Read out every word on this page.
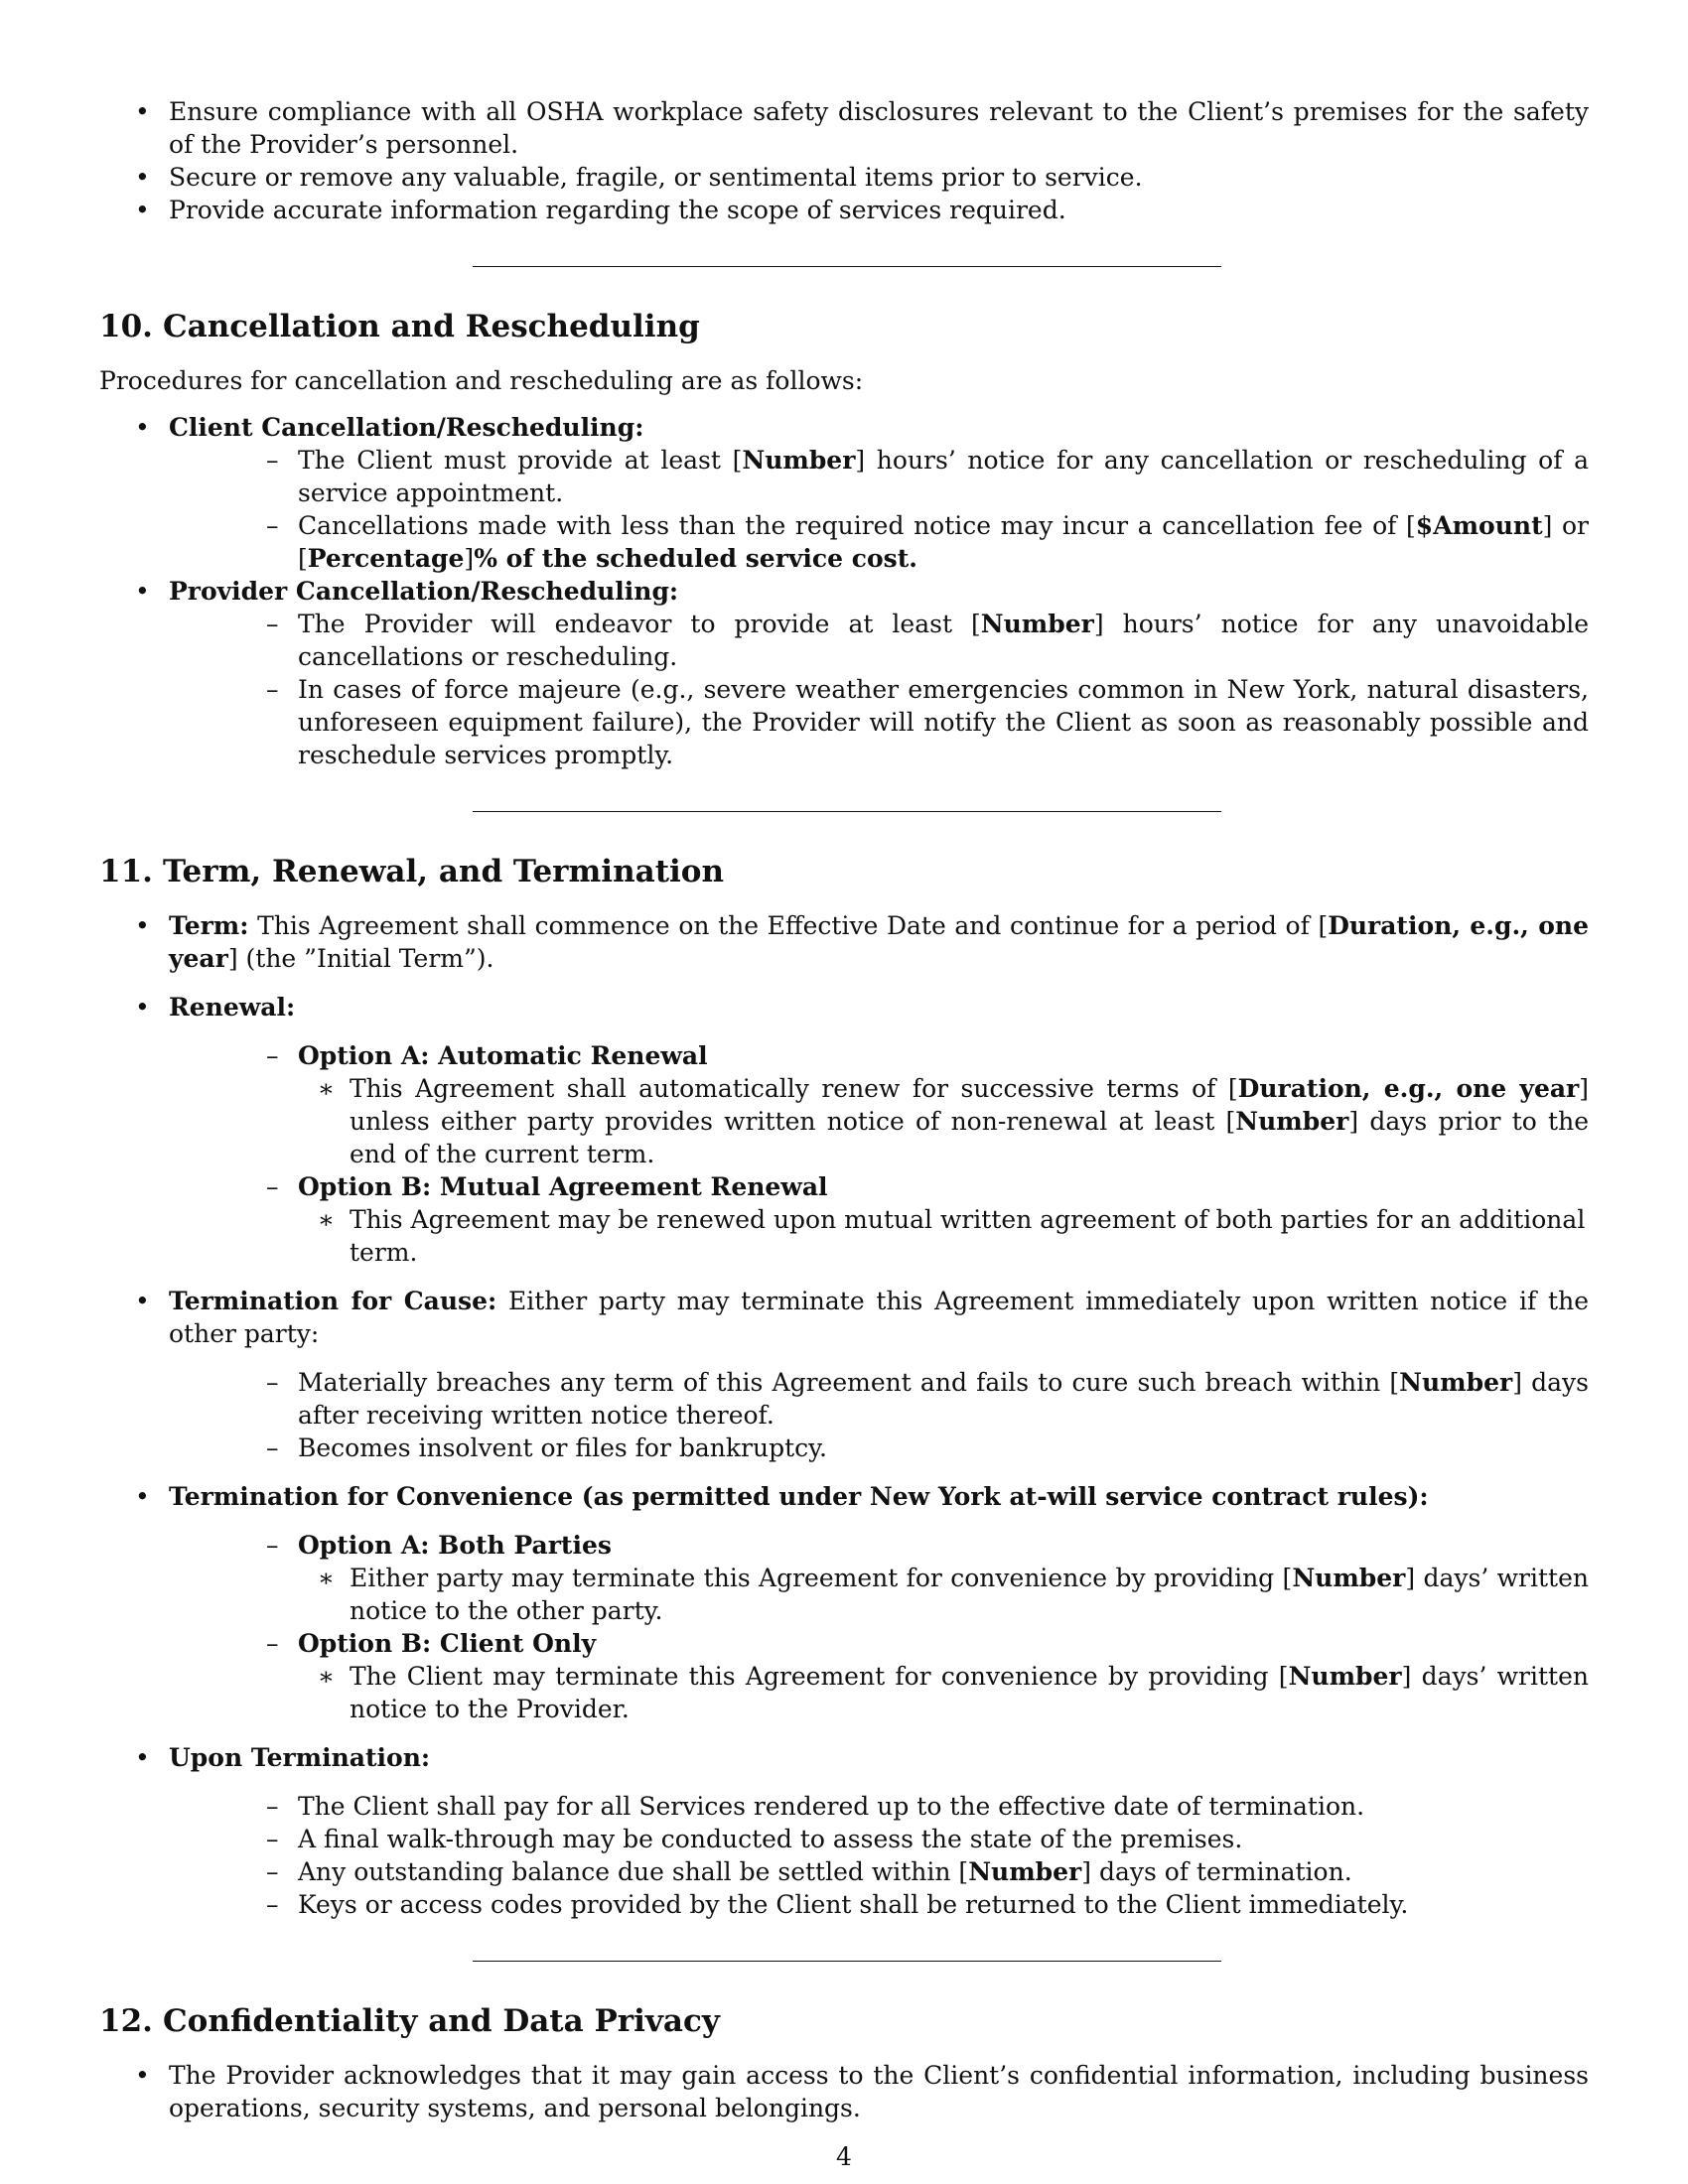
• Ensure compliance with all OSHA workplace safety disclosures relevant to the Client’s premises for the safety of the Provider’s personnel.
• Secure or remove any valuable, fragile, or sentimental items prior to service.
• Provide accurate information regarding the scope of services required.
10. Cancellation and Rescheduling

Procedures for cancellation and rescheduling are as follows:

• Client Cancellation/Rescheduling:
– The Client must provide at least [Number] hours’ notice for any cancellation or rescheduling of a service appointment.
– Cancellations made with less than the required notice may incur a cancellation fee of [$Amount] or [Percentage]% of the scheduled service cost.
• Provider Cancellation/Rescheduling:
– The Provider will endeavor to provide at least [Number] hours’ notice for any unavoidable cancellations or rescheduling.
– In cases of force majeure (e.g., severe weather emergencies common in New York, natural disasters, unforeseen equipment failure), the Provider will notify the Client as soon as reasonably possible and reschedule services promptly.
11. Term, Renewal, and Termination
• Term: This Agreement shall commence on the Effective Date and continue for a period of [Duration, e.g., one year] (the ”Initial Term”).
• Renewal:
– Option A: Automatic Renewal
∗ This Agreement shall automatically renew for successive terms of [Duration, e.g., one year] unless either party provides written notice of non-renewal at least [Number] days prior to the end of the current term.
– Option B: Mutual Agreement Renewal
∗ This Agreement may be renewed upon mutual written agreement of both parties for an additional term.
• Termination for Cause: Either party may terminate this Agreement immediately upon written notice if the other party:
– Materially breaches any term of this Agreement and fails to cure such breach within [Number] days after receiving written notice thereof.
– Becomes insolvent or files for bankruptcy.
• Termination for Convenience (as permitted under New York at-will service contract rules):
– Option A: Both Parties
∗ Either party may terminate this Agreement for convenience by providing [Number] days’ written notice to the other party.
– Option B: Client Only
∗ The Client may terminate this Agreement for convenience by providing [Number] days’ written notice to the Provider.
• Upon Termination:
– The Client shall pay for all Services rendered up to the effective date of termination.
– A final walk-through may be conducted to assess the state of the premises.
– Any outstanding balance due shall be settled within [Number] days of termination.
– Keys or access codes provided by the Client shall be returned to the Client immediately.
12. Confidentiality and Data Privacy
• The Provider acknowledges that it may gain access to the Client’s confidential information, including business operations, security systems, and personal belongings.
4
